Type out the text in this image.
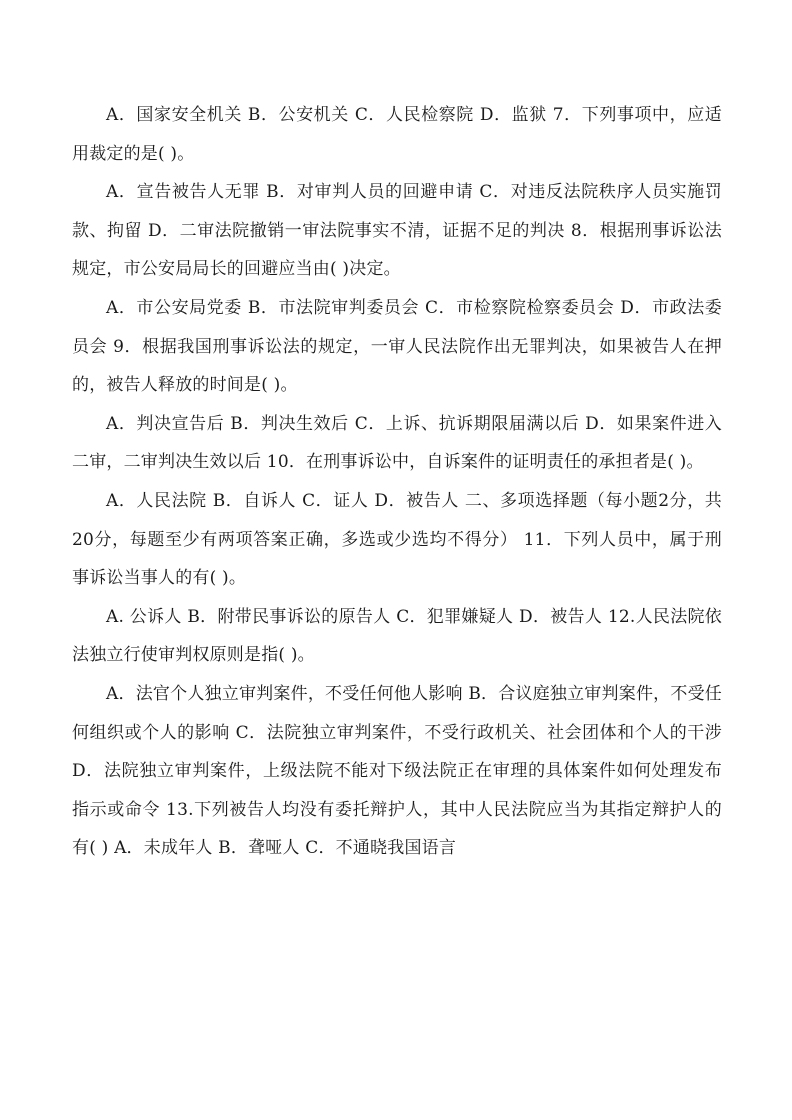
A．国家安全机关 B．公安机关 C．人民检察院 D．监狱 7．下列事项中，应适用裁定的是( )。

A．宣告被告人无罪 B．对审判人员的回避申请 C．对违反法院秩序人员实施罚款、拘留 D．二审法院撤销一审法院事实不清，证据不足的判决 8．根据刑事诉讼法规定，市公安局局长的回避应当由( )决定。

A．市公安局党委 B．市法院审判委员会 C．市检察院检察委员会 D．市政法委员会 9．根据我国刑事诉讼法的规定，一审人民法院作出无罪判决，如果被告人在押的，被告人释放的时间是( )。

A．判决宣告后 B．判决生效后 C．上诉、抗诉期限届满以后 D．如果案件进入二审，二审判决生效以后 10．在刑事诉讼中，自诉案件的证明责任的承担者是( )。

A．人民法院 B．自诉人 C．证人 D．被告人 二、多项选择题（每小题2分，共20分，每题至少有两项答案正确，多选或少选均不得分） 11．下列人员中，属于刑事诉讼当事人的有( )。

A. 公诉人 B．附带民事诉讼的原告人 C．犯罪嫌疑人 D．被告人 12.人民法院依法独立行使审判权原则是指( )。

A．法官个人独立审判案件，不受任何他人影响 B．合议庭独立审判案件，不受任何组织或个人的影响 C．法院独立审判案件，不受行政机关、社会团体和个人的干涉 D．法院独立审判案件，上级法院不能对下级法院正在审理的具体案件如何处理发布指示或命令 13.下列被告人均没有委托辩护人，其中人民法院应当为其指定辩护人的有( ) A．未成年人 B．聋哑人 C．不通晓我国语言
